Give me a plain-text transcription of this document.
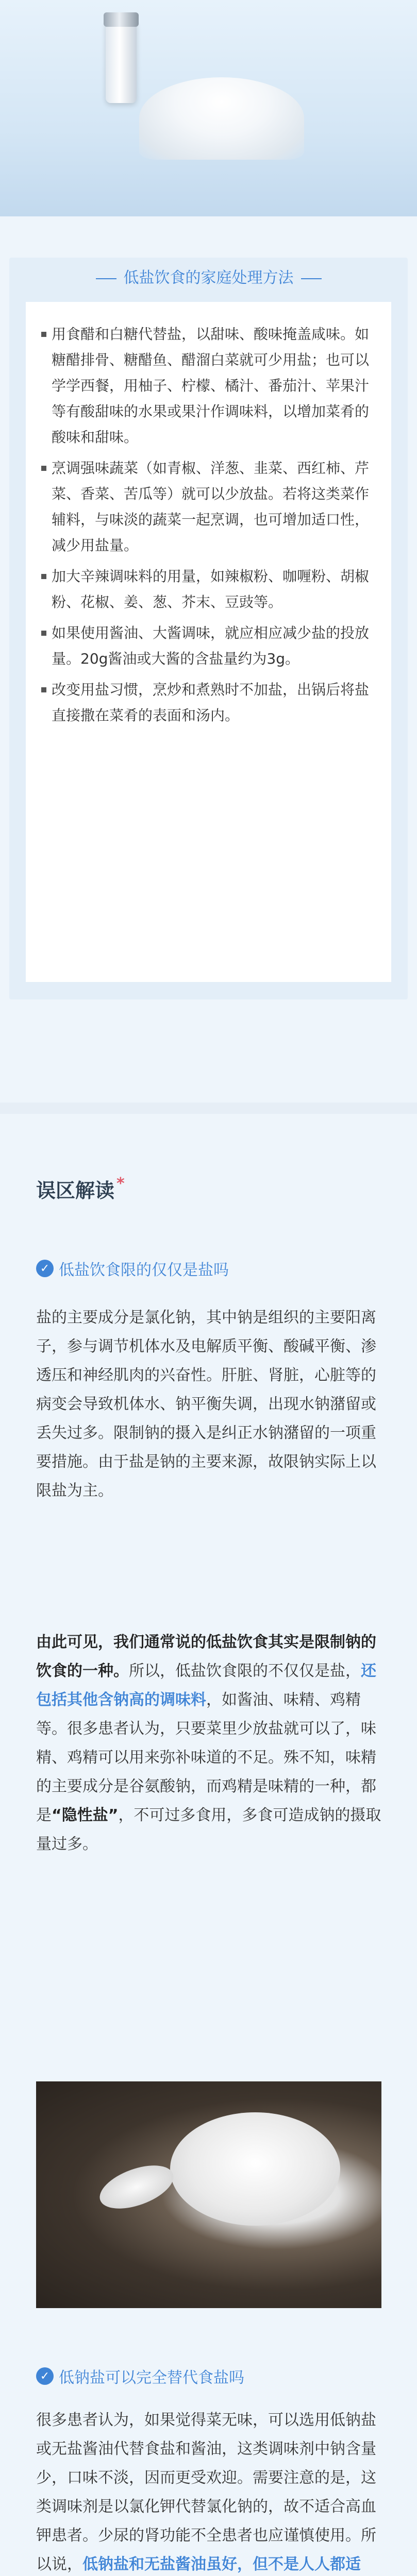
低盐饮食的家庭处理方法
用食醋和白糖代替盐，以甜味、酸味掩盖咸味。如糖醋排骨、糖醋鱼、醋溜白菜就可少用盐；也可以学学西餐，用柚子、柠檬、橘汁、番茄汁、苹果汁等有酸甜味的水果或果汁作调味料，以增加菜肴的酸味和甜味。
烹调强味蔬菜（如青椒、洋葱、韭菜、西红柿、芹菜、香菜、苦瓜等）就可以少放盐。若将这类菜作辅料，与味淡的蔬菜一起烹调，也可增加适口性，减少用盐量。
加大辛辣调味料的用量，如辣椒粉、咖喱粉、胡椒粉、花椒、姜、葱、芥末、豆豉等。
如果使用酱油、大酱调味，就应相应减少盐的投放量。20g酱油或大酱的含盐量约为3g。
改变用盐习惯，烹炒和煮熟时不加盐，出锅后将盐直接撒在菜肴的表面和汤内。
误区解读 *
✓ 低盐饮食限的仅仅是盐吗

盐的主要成分是氯化钠，其中钠是组织的主要阳离子，参与调节机体水及电解质平衡、酸碱平衡、渗透压和神经肌肉的兴奋性。肝脏、肾脏，心脏等的病变会导致机体水、钠平衡失调，出现水钠潴留或丢失过多。限制钠的摄入是纠正水钠潴留的一项重要措施。由于盐是钠的主要来源，故限钠实际上以限盐为主。

由此可见，我们通常说的低盐饮食其实是限制钠的饮食的一种。所以，低盐饮食限的不仅仅是盐，还包括其他含钠高的调味料，如酱油、味精、鸡精等。很多患者认为，只要菜里少放盐就可以了，味精、鸡精可以用来弥补味道的不足。殊不知，味精的主要成分是谷氨酸钠，而鸡精是味精的一种，都是“隐性盐”，不可过多食用，多食可造成钠的摄取量过多。

✓ 低钠盐可以完全替代食盐吗

很多患者认为，如果觉得菜无味，可以选用低钠盐或无盐酱油代替食盐和酱油，这类调味剂中钠含量少，口味不淡，因而更受欢迎。需要注意的是，这类调味剂是以氯化钾代替氯化钠的，故不适合高血钾患者。少尿的肾功能不全患者也应谨慎使用。所以说，低钠盐和无盐酱油虽好，但不是人人都适
